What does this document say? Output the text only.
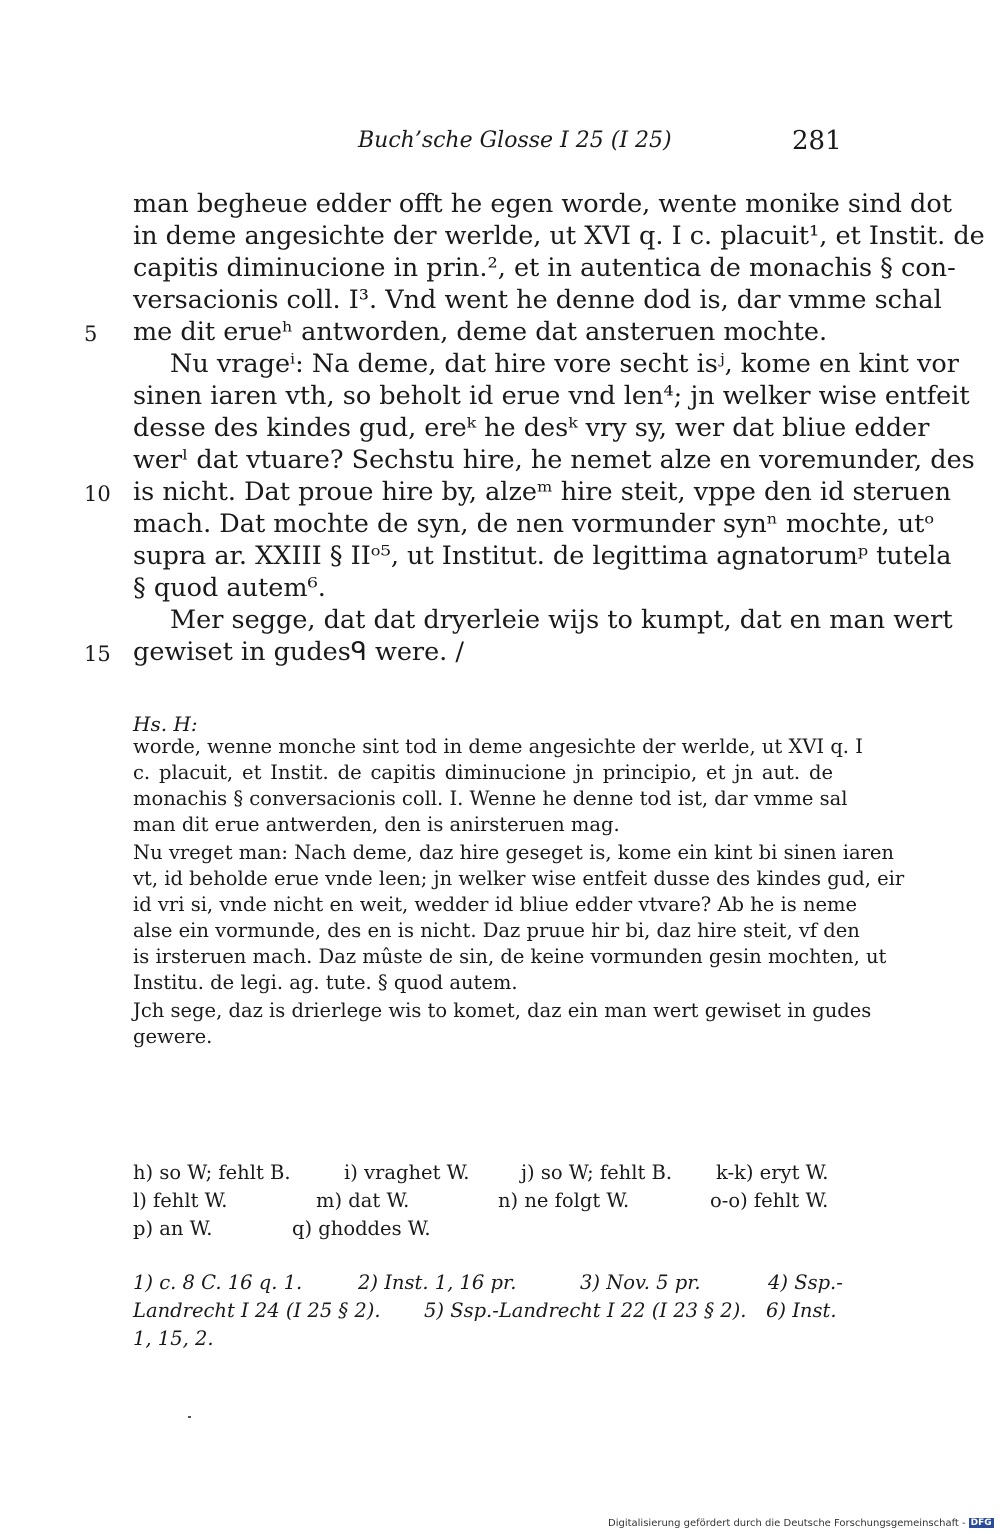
Buch’sche Glosse I 25 (I 25)	281
man begheue edder offt he egen worde, wente monike sind dot
in deme angesichte der werlde, ut XVI q. I c. placuit¹, et Instit. de
capitis diminucione in prin.², et in autentica de monachis § con-
versacionis coll. I³. Vnd went he denne dod is, dar vmme schal
me dit erueʰ antworden, deme dat ansteruen mochte.
Nu vrageⁱ: Na deme, dat hire vore secht isʲ, kome en kint vor
sinen iaren vth, so beholt id erue vnd len⁴; jn welker wise entfeit
desse des kindes gud, ereᵏ he desᵏ vry sy, wer dat bliue edder
werˡ dat vtuare? Sechstu hire, he nemet alze en voremunder, des
is nicht. Dat proue hire by, alzeᵐ hire steit, vppe den id steruen
mach. Dat mochte de syn, de nen vormunder synⁿ mochte, utᵒ
supra ar. XXIII § IIᵒ⁵, ut Institut. de legittima agnatorumᵖ tutela
§ quod autem⁶.
Mer segge, dat dat dryerleie wijs to kumpt, dat en man wert
gewiset in gudesᑫ were. /
5
10
15
Hs. H:
worde, wenne monche sint tod in deme angesichte der werlde, ut XVI q. I
c. placuit, et Instit. de capitis diminucione jn principio, et jn aut. de
monachis § conversacionis coll. I. Wenne he denne tod ist, dar vmme sal
man dit erue antwerden, den is anirsteruen mag.
Nu vreget man: Nach deme, daz hire geseget is, kome ein kint bi sinen iaren
vt, id beholde erue vnde leen; jn welker wise entfeit dusse des kindes gud, eir
id vri si, vnde nicht en weit, wedder id bliue edder vtvare? Ab he is neme
alse ein vormunde, des en is nicht. Daz pruue hir bi, daz hire steit, vf den
is irsteruen mach. Daz mûste de sin, de keine vormunden gesin mochten, ut
Institu. de legi. ag. tute. § quod autem.
Jch sege, daz is drierlege wis to komet, daz ein man wert gewiset in gudes
gewere.
h) so W; fehlt B.	i) vraghet W.	j) so W; fehlt B. k-k) eryt W.
l) fehlt W.	m) dat W.	n) ne folgt W.	o-o) fehlt W.
p) an W.	q) ghoddes W.
1) c. 8 C. 16 q. 1.	2) Inst. 1, 16 pr.	3) Nov. 5 pr.	4) Ssp.-
Landrecht I 24 (I 25 § 2). 5) Ssp.-Landrecht I 22 (I 23 § 2). 6) Inst.
1, 15, 2.
Digitalisierung gefördert durch die Deutsche Forschungsgemeinschaft - DFG
